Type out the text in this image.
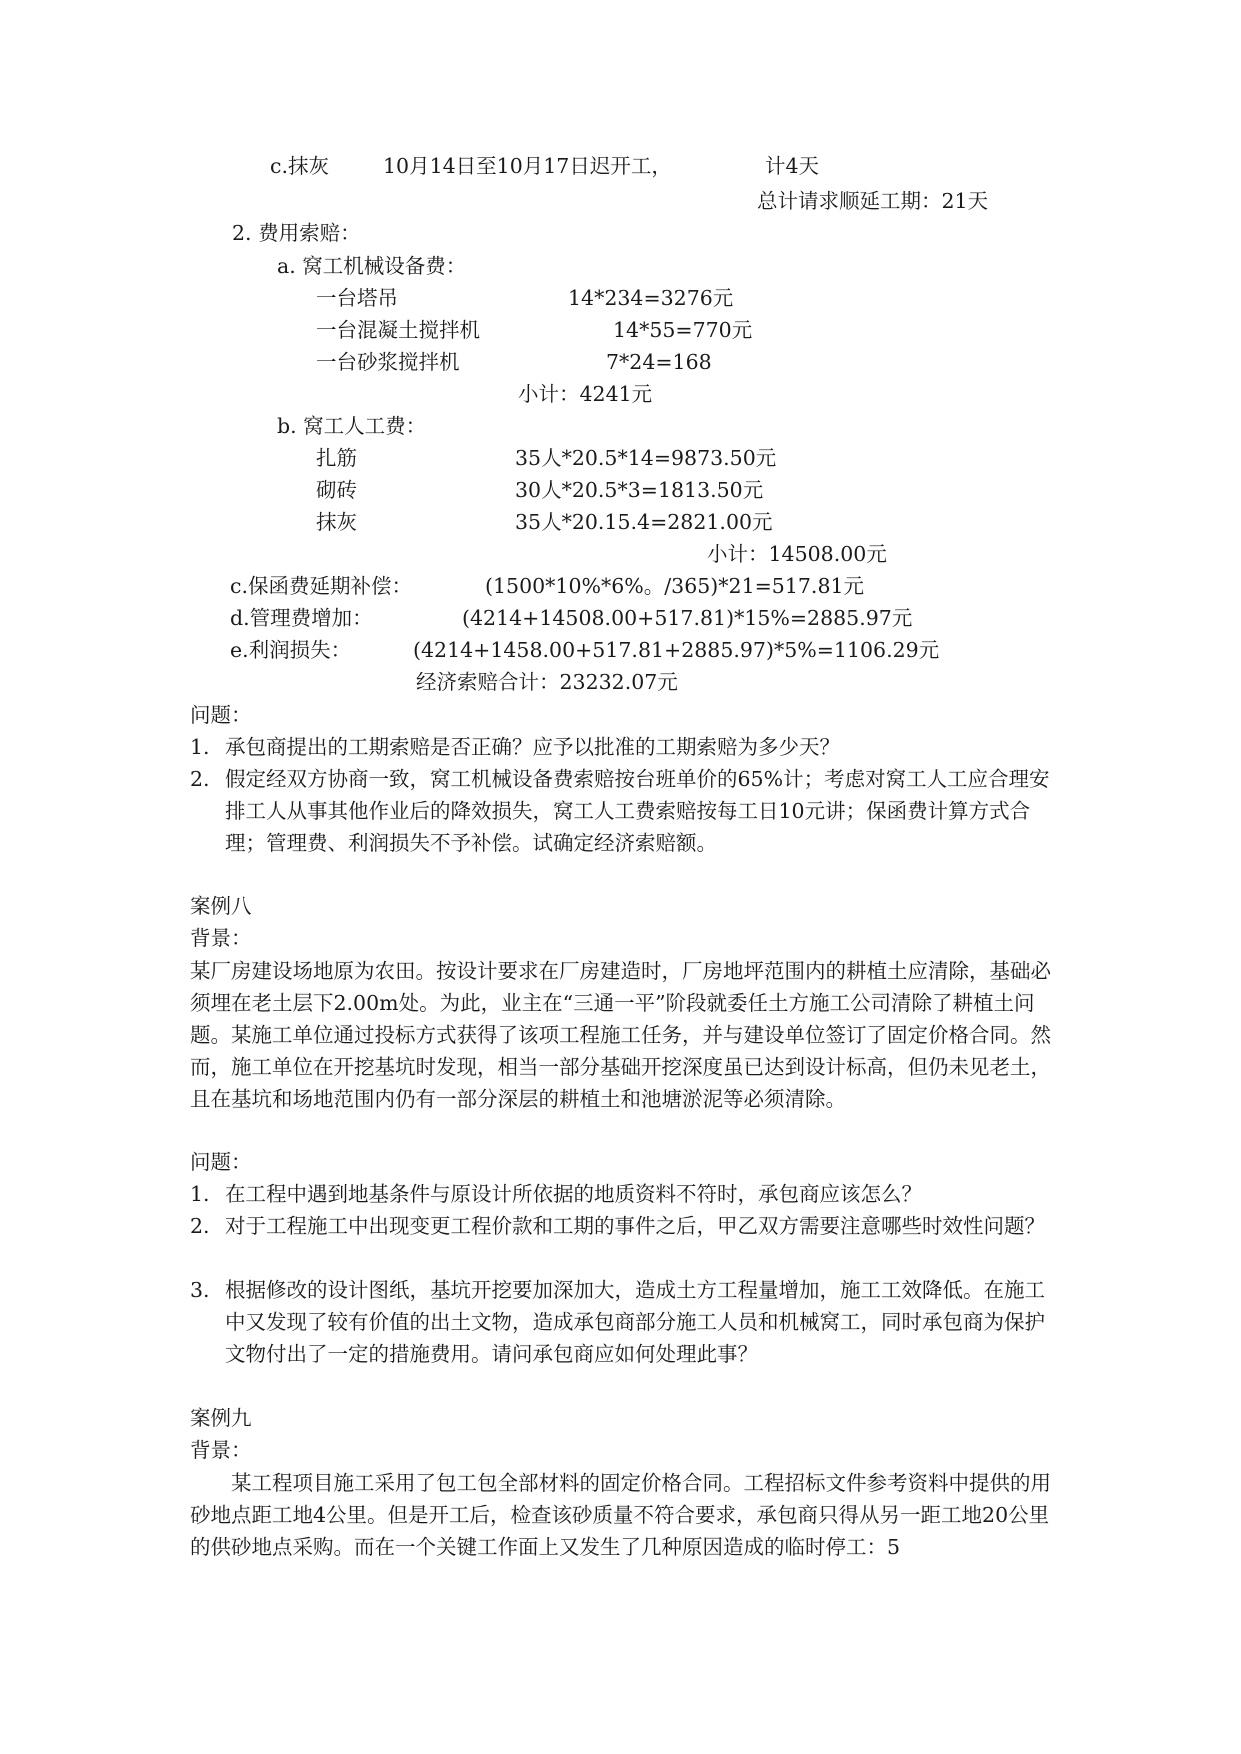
c.抹灰	10月14日至10月17日迟开工，	计4天
总计请求顺延工期：21天
2. 费用索赔：
a. 窝工机械设备费：
一台塔吊	14*234=3276元
一台混凝土搅拌机	14*55=770元
一台砂浆搅拌机	7*24=168
小计：4241元
b. 窝工人工费：
扎筋	35人*20.5*14=9873.50元
砌砖	30人*20.5*3=1813.50元
抹灰	35人*20.15.4=2821.00元
小计：14508.00元
c.保函费延期补偿：	(1500*10%*6%。/365)*21=517.81元
d.管理费增加：	(4214+14508.00+517.81)*15%=2885.97元
e.利润损失：	(4214+1458.00+517.81+2885.97)*5%=1106.29元
经济索赔合计：23232.07元
问题：
1. 承包商提出的工期索赔是否正确？应予以批准的工期索赔为多少天？
2. 假定经双方协商一致，窝工机械设备费索赔按台班单价的65%计；考虑对窝工人工应合理安排工人从事其他作业后的降效损失，窝工人工费索赔按每工日10元讲；保函费计算方式合理；管理费、利润损失不予补偿。试确定经济索赔额。
案例八
背景：
某厂房建设场地原为农田。按设计要求在厂房建造时，厂房地坪范围内的耕植土应清除，基础必须埋在老土层下2.00m处。为此，业主在“三通一平”阶段就委任土方施工公司清除了耕植土问题。某施工单位通过投标方式获得了该项工程施工任务，并与建设单位签订了固定价格合同。然而，施工单位在开挖基坑时发现，相当一部分基础开挖深度虽已达到设计标高，但仍未见老土，且在基坑和场地范围内仍有一部分深层的耕植土和池塘淤泥等必须清除。
问题：
1. 在工程中遇到地基条件与原设计所依据的地质资料不符时，承包商应该怎么？
2. 对于工程施工中出现变更工程价款和工期的事件之后，甲乙双方需要注意哪些时效性问题？
3. 根据修改的设计图纸，基坑开挖要加深加大，造成土方工程量增加，施工工效降低。在施工中又发现了较有价值的出土文物，造成承包商部分施工人员和机械窝工，同时承包商为保护文物付出了一定的措施费用。请问承包商应如何处理此事？
案例九
背景：
某工程项目施工采用了包工包全部材料的固定价格合同。工程招标文件参考资料中提供的用砂地点距工地4公里。但是开工后，检查该砂质量不符合要求，承包商只得从另一距工地20公里的供砂地点采购。而在一个关键工作面上又发生了几种原因造成的临时停工：5
